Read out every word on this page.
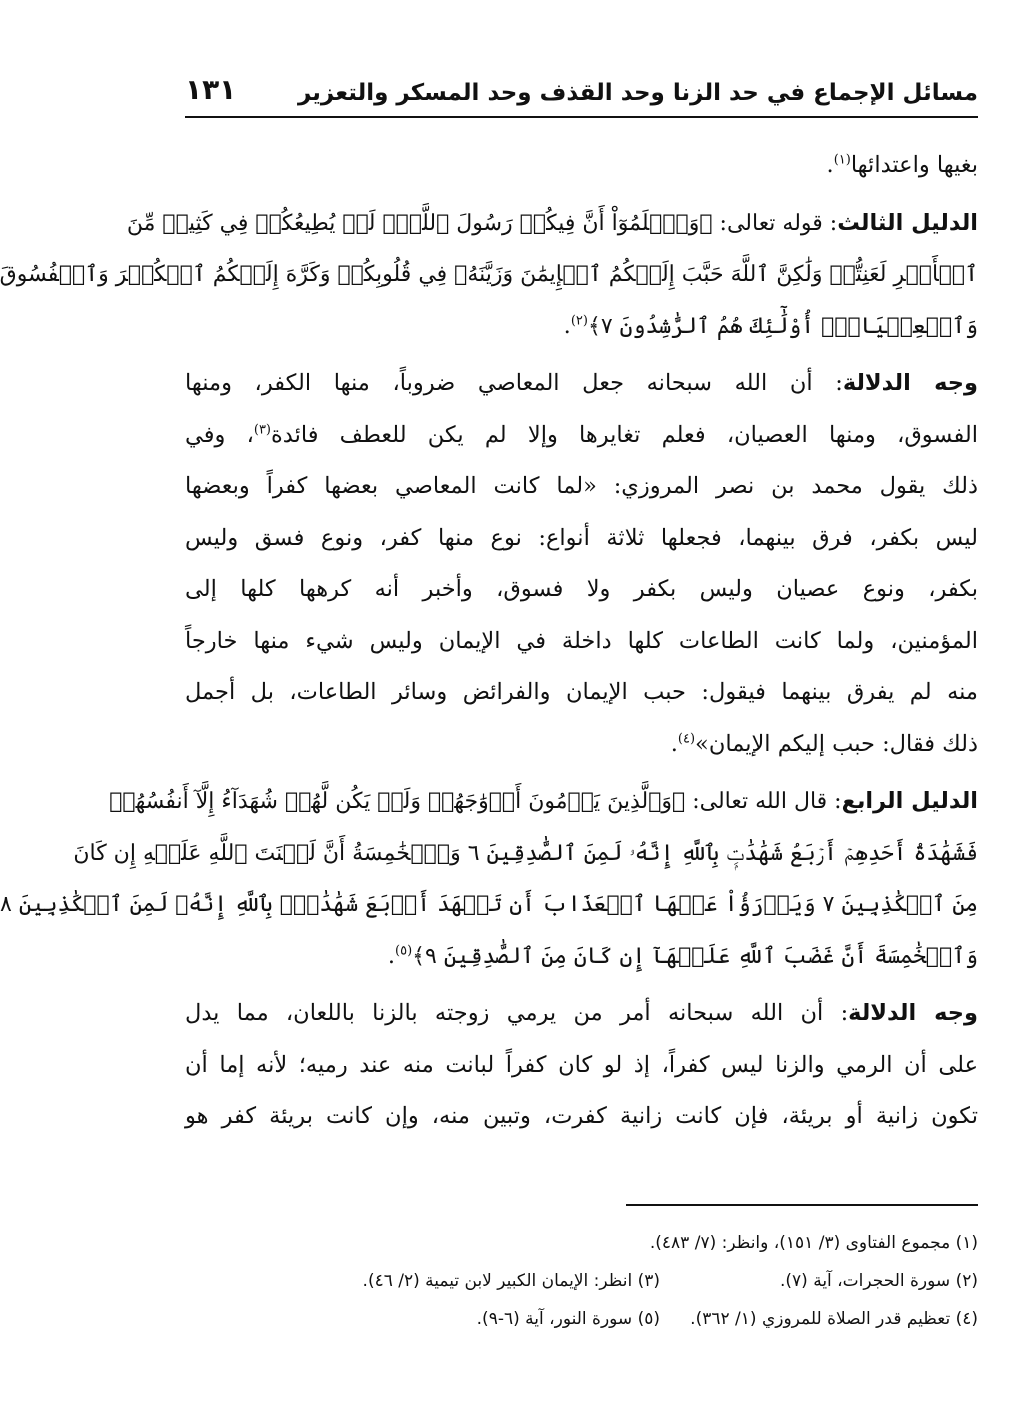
مسائل الإجماع في حد الزنا وحد القذف وحد المسكر والتعزير
١٣١
بغيها واعتدائها$^{(١)}$.
الدليل الثالث: قوله تعالى: ﴿وَٱعۡلَمُوٓاْ أَنَّ فِيكُمۡ رَسُولَ ٱللَّهِۚ لَوۡ يُطِيعُكُمۡ فِي كَثِيرٖ مِّنَ
ٱلۡأَمۡرِ لَعَنِتُّمۡ وَلَٰكِنَّ ٱللَّهَ حَبَّبَ إِلَيۡكُمُ ٱلۡإِيمَٰنَ وَزَيَّنَهُۥ فِي قُلُوبِكُمۡ وَكَرَّهَ إِلَيۡكُمُ ٱلۡكُفۡرَ وَٱلۡفُسُوقَ
وَٱلۡعِصۡيَانَۚ أُوْلَٰٓئِكَ هُمُ ٱلرَّٰشِدُونَ ٧﴾$^{(٢)}$.
وجه الدلالة: أن الله سبحانه جعل المعاصي ضروباً، منها الكفر، ومنها
الفسوق، ومنها العصيان، فعلم تغايرها وإلا لم يكن للعطف فائدة$^{(٣)}$، وفي
ذلك يقول محمد بن نصر المروزي: «لما كانت المعاصي بعضها كفراً وبعضها
ليس بكفر، فرق بينهما، فجعلها ثلاثة أنواع: نوع منها كفر، ونوع فسق وليس
بكفر، ونوع عصيان وليس بكفر ولا فسوق، وأخبر أنه كرهها كلها إلى
المؤمنين، ولما كانت الطاعات كلها داخلة في الإيمان وليس شيء منها خارجاً
منه لم يفرق بينهما فيقول: حبب الإيمان والفرائض وسائر الطاعات، بل أجمل
ذلك فقال: حبب إليكم الإيمان»$^{(٤)}$.
الدليل الرابع: قال الله تعالى: ﴿وَٱلَّذِينَ يَرۡمُونَ أَزۡوَٰجَهُمۡ وَلَمۡ يَكُن لَّهُمۡ شُهَدَآءُ إِلَّآ أَنفُسُهُمۡ
فَشَهَٰدَةُ أَحَدِهِمۡ أَرۡبَعُ شَهَٰدَٰتِۭ بِٱللَّهِ إِنَّهُۥ لَمِنَ ٱلصَّٰدِقِينَ ٦ وَٱلۡخَٰمِسَةُ أَنَّ لَعۡنَتَ ٱللَّهِ عَلَيۡهِ إِن كَانَ
مِنَ ٱلۡكَٰذِبِينَ ٧ وَيَدۡرَؤُاْ عَنۡهَا ٱلۡعَذَابَ أَن تَشۡهَدَ أَرۡبَعَ شَهَٰدَٰتِۭ بِٱللَّهِ إِنَّهُۥ لَمِنَ ٱلۡكَٰذِبِينَ ٨
وَٱلۡخَٰمِسَةَ أَنَّ غَضَبَ ٱللَّهِ عَلَيۡهَآ إِن كَانَ مِنَ ٱلصَّٰدِقِينَ ٩﴾$^{(٥)}$.
وجه الدلالة: أن الله سبحانه أمر من يرمي زوجته بالزنا باللعان، مما يدل
على أن الرمي والزنا ليس كفراً، إذ لو كان كفراً لبانت منه عند رميه؛ لأنه إما أن
تكون زانية أو بريئة، فإن كانت زانية كفرت، وتبين منه، وإن كانت بريئة كفر هو
(١) مجموع الفتاوى (٣/ ١٥١)، وانظر: (٧/ ٤٨٣).
(٢) سورة الحجرات، آية (٧).(٣) انظر: الإيمان الكبير لابن تيمية (٢/ ٤٦).
(٤) تعظيم قدر الصلاة للمروزي (١/ ٣٦٢).(٥) سورة النور، آية (٦-٩).
